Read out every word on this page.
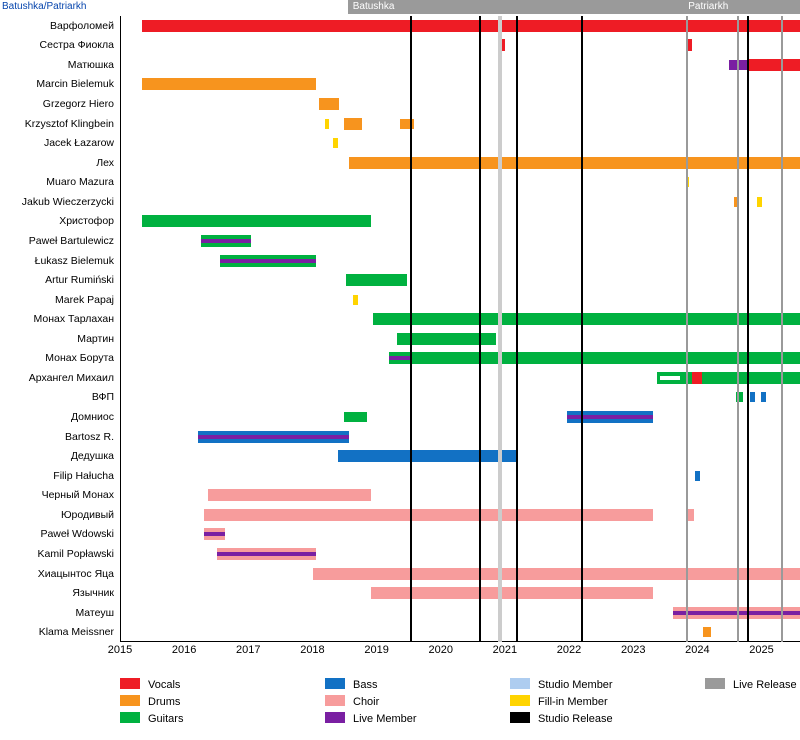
Batushka/Patriarkh	Batushka	Patriarkh
Варфоломей
Сестра Фиокла
Матюшка
Marcin Bielemuk
Grzegorz Hiero
Krzysztof Klingbein
Jacek Łazarow
Лех
Muaro Mazura
Jakub Wieczerzycki
Христофор
Paweł Bartulewicz
Łukasz Bielemuk
Artur Rumiński
Marek Papaj
Монах Тарлахан
Мартин
Монах Борута
Архангел Михаил
ВФП
Домниос
Bartosz R.
Дедушка
Filip Hałucha
Черный Монах
Юродивый
Paweł Wdowski
Kamil Popławski
Хиацынтос Яца
Язычник
Матеуш
Klama Meissner
2015	2016	2017	2018	2019	2020	2021	2022	2023	2024	2025
Vocals
Drums
Guitars
Bass
Choir
Live Member
Studio Member
Fill-in Member
Studio Release
Live Release
